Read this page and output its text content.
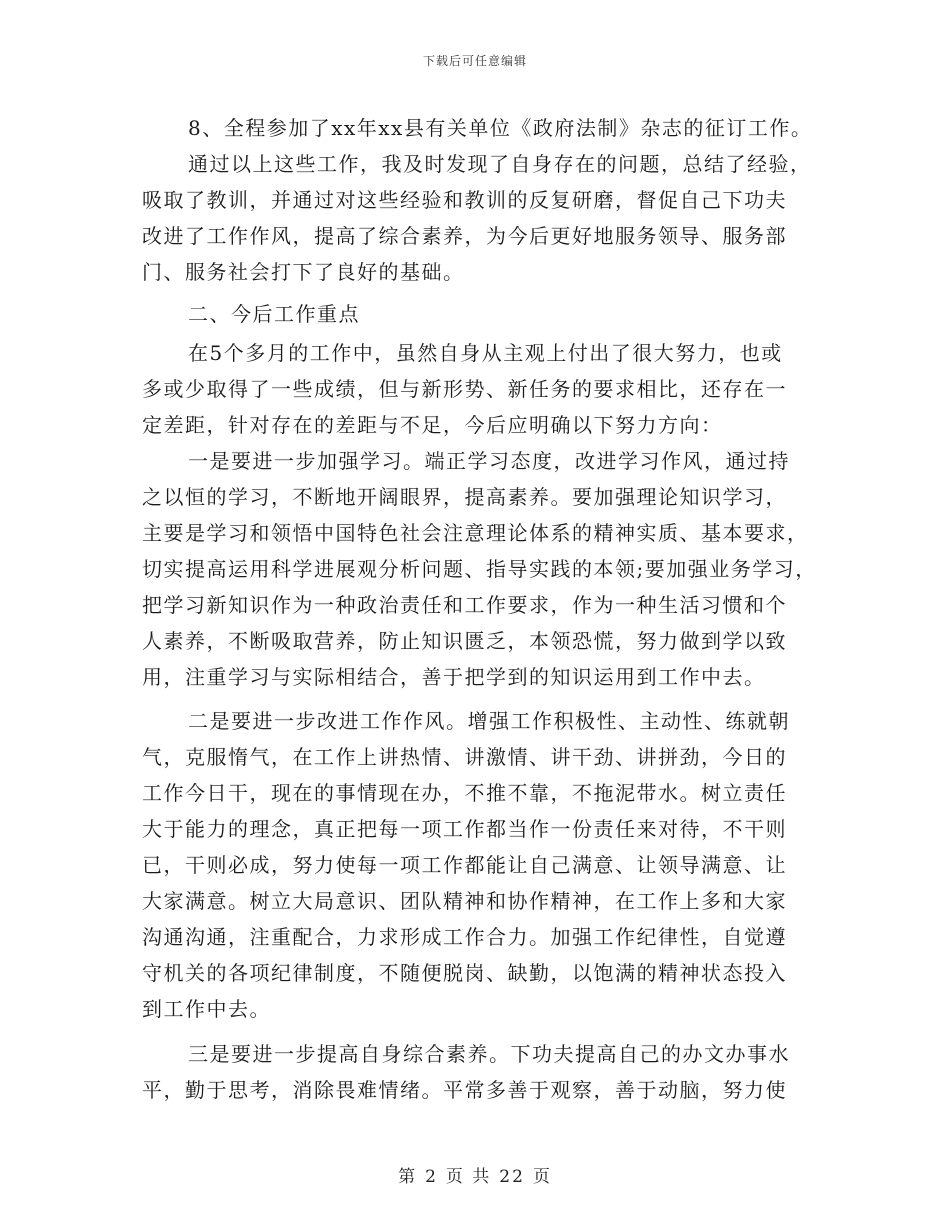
下载后可任意编辑
8、全程参加了xx年xx县有关单位《政府法制》杂志的征订工作。
通过以上这些工作，我及时发现了自身存在的问题，总结了经验，
吸取了教训，并通过对这些经验和教训的反复研磨，督促自己下功夫
改进了工作作风，提高了综合素养，为今后更好地服务领导、服务部
门、服务社会打下了良好的基础。
二、今后工作重点
在5个多月的工作中，虽然自身从主观上付出了很大努力，也或
多或少取得了一些成绩，但与新形势、新任务的要求相比，还存在一
定差距，针对存在的差距与不足，今后应明确以下努力方向：
一是要进一步加强学习。端正学习态度，改进学习作风，通过持
之以恒的学习，不断地开阔眼界，提高素养。要加强理论知识学习，
主要是学习和领悟中国特色社会注意理论体系的精神实质、基本要求，
切实提高运用科学进展观分析问题、指导实践的本领;要加强业务学习，
把学习新知识作为一种政治责任和工作要求，作为一种生活习惯和个
人素养，不断吸取营养，防止知识匮乏，本领恐慌，努力做到学以致
用，注重学习与实际相结合，善于把学到的知识运用到工作中去。
二是要进一步改进工作作风。增强工作积极性、主动性、练就朝
气，克服惰气，在工作上讲热情、讲激情、讲干劲、讲拼劲，今日的
工作今日干，现在的事情现在办，不推不靠，不拖泥带水。树立责任
大于能力的理念，真正把每一项工作都当作一份责任来对待，不干则
已，干则必成，努力使每一项工作都能让自己满意、让领导满意、让
大家满意。树立大局意识、团队精神和协作精神，在工作上多和大家
沟通沟通，注重配合，力求形成工作合力。加强工作纪律性，自觉遵
守机关的各项纪律制度，不随便脱岗、缺勤，以饱满的精神状态投入
到工作中去。
三是要进一步提高自身综合素养。下功夫提高自己的办文办事水
平，勤于思考，消除畏难情绪。平常多善于观察，善于动脑，努力使
第 2 页 共 22 页
